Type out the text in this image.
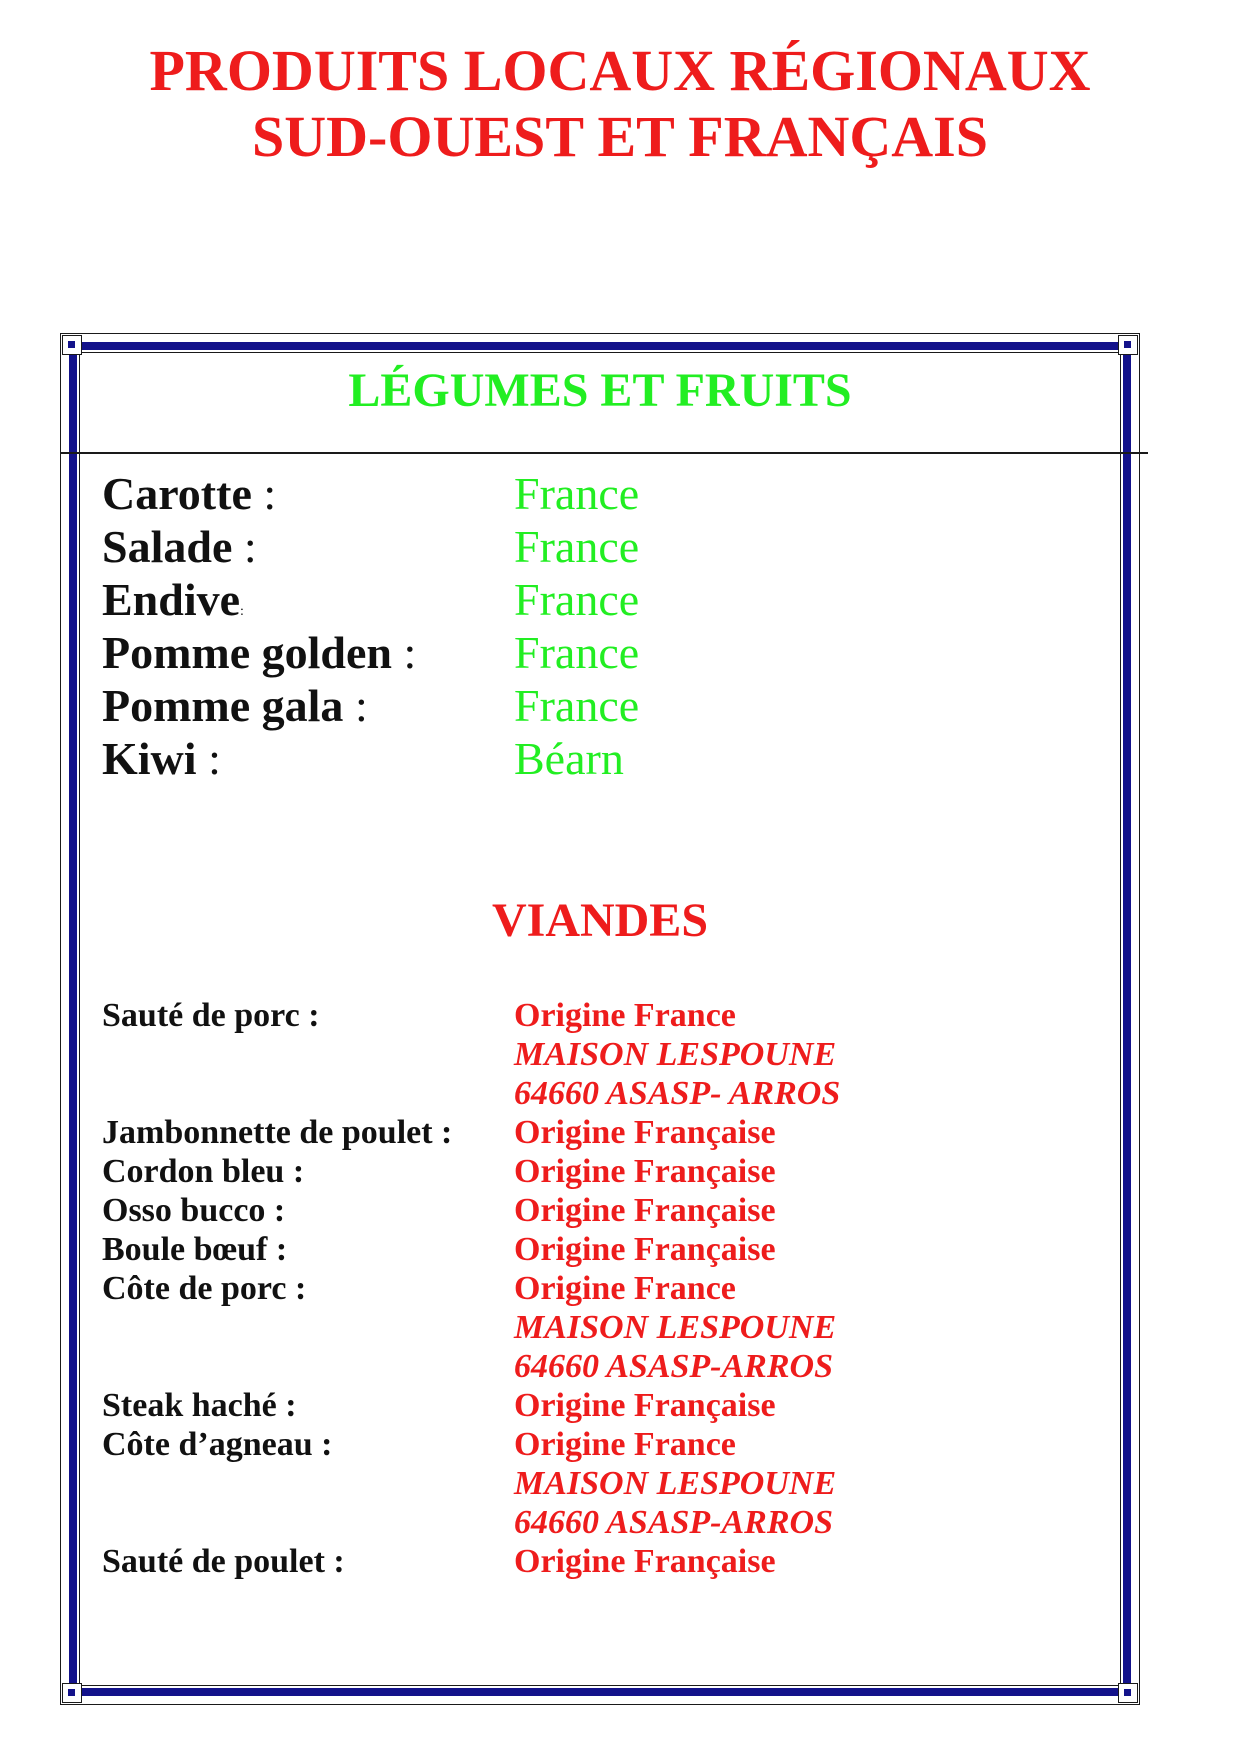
PRODUITS LOCAUX RÉGIONAUX
SUD-OUEST ET FRANÇAIS
LÉGUMES ET FRUITS
Carotte :	France
Salade :	France
Endive:	France
Pomme golden : France
Pomme gala :	France
Kiwi :	Béarn
VIANDES
Sauté de porc :	Origine France
MAISON LESPOUNE
64660 ASASP- ARROS
Jambonnette de poulet : Origine Française
Cordon bleu :	Origine Française
Osso bucco :	Origine Française
Boule bœuf :	Origine Française
Côte de porc :	Origine France
MAISON LESPOUNE
64660 ASASP-ARROS
Steak haché :	Origine Française
Côte d’agneau :	Origine France
MAISON LESPOUNE
64660 ASASP-ARROS
Sauté de poulet :	Origine Française
